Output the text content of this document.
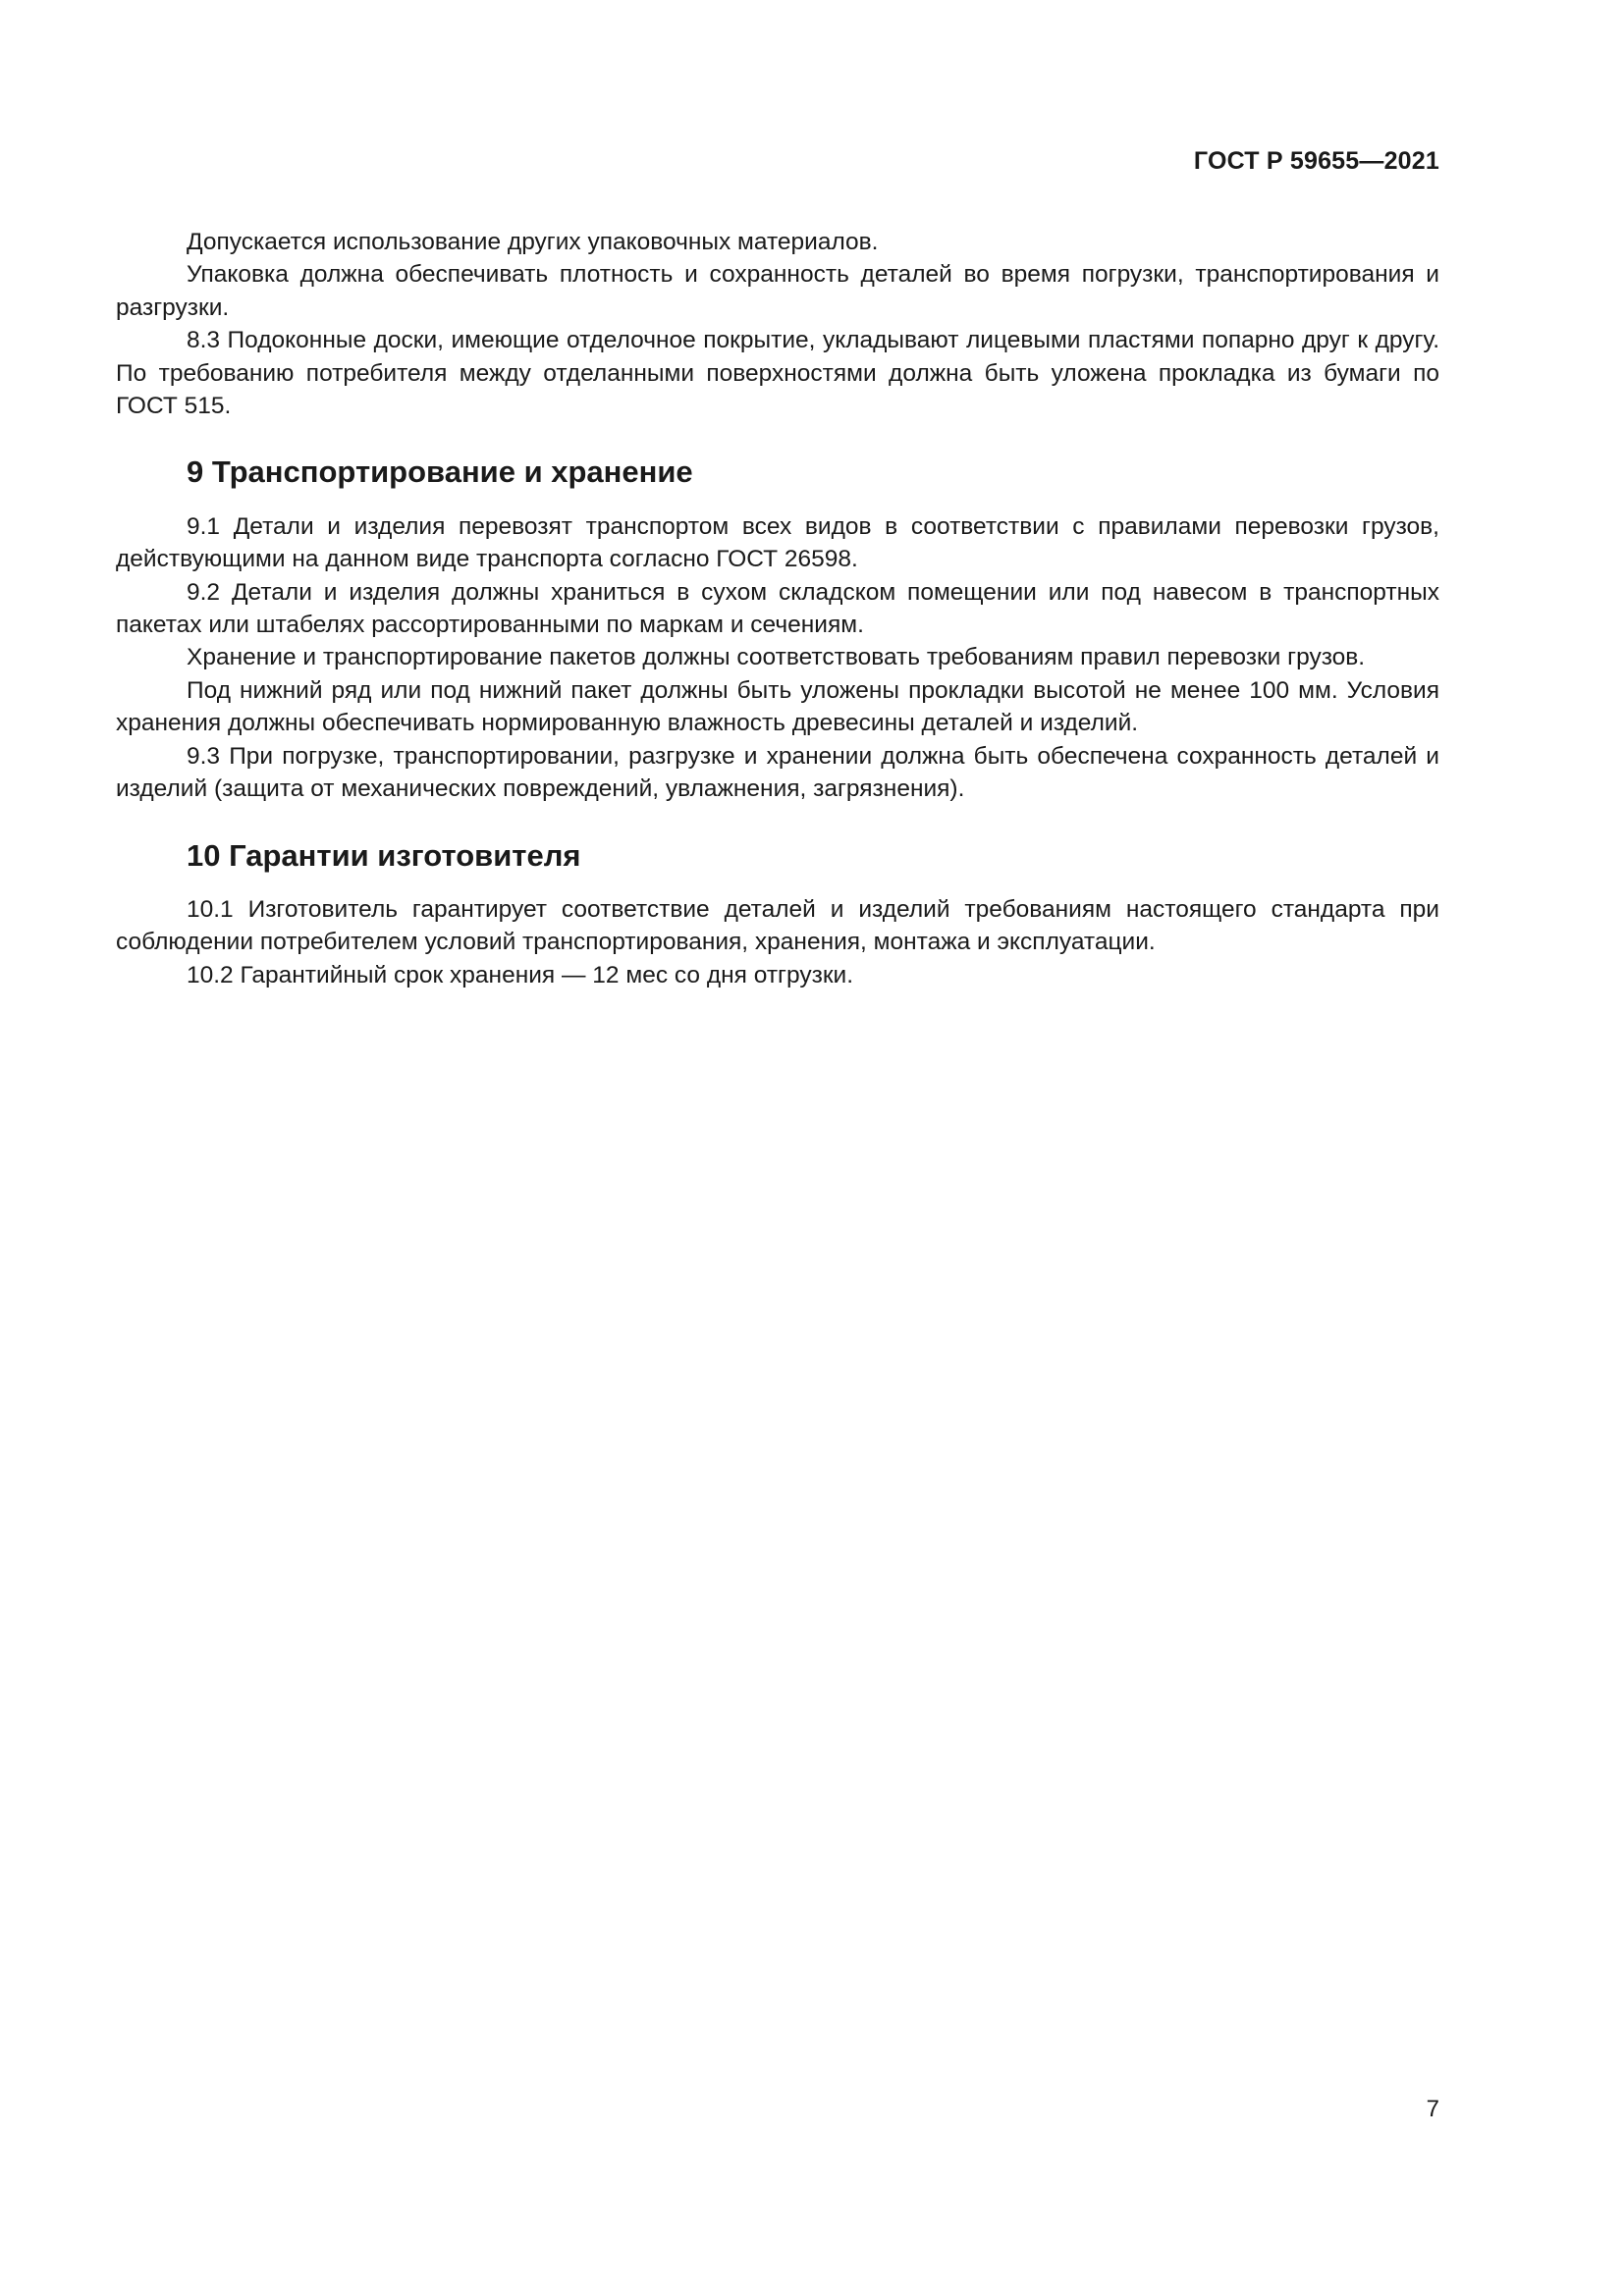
ГОСТ Р 59655—2021

Допускается использование других упаковочных материалов.

Упаковка должна обеспечивать плотность и сохранность деталей во время погрузки, транспортирования и разгрузки.

8.3 Подоконные доски, имеющие отделочное покрытие, укладывают лицевыми пластями попарно друг к другу. По требованию потребителя между отделанными поверхностями должна быть уложена прокладка из бумаги по ГОСТ 515.

9 Транспортирование и хранение

9.1 Детали и изделия перевозят транспортом всех видов в соответствии с правилами перевозки грузов, действующими на данном виде транспорта согласно ГОСТ 26598.

9.2 Детали и изделия должны храниться в сухом складском помещении или под навесом в транспортных пакетах или штабелях рассортированными по маркам и сечениям.

Хранение и транспортирование пакетов должны соответствовать требованиям правил перевозки грузов.

Под нижний ряд или под нижний пакет должны быть уложены прокладки высотой не менее 100 мм. Условия хранения должны обеспечивать нормированную влажность древесины деталей и изделий.

9.3 При погрузке, транспортировании, разгрузке и хранении должна быть обеспечена сохранность деталей и изделий (защита от механических повреждений, увлажнения, загрязнения).

10 Гарантии изготовителя

10.1 Изготовитель гарантирует соответствие деталей и изделий требованиям настоящего стандарта при соблюдении потребителем условий транспортирования, хранения, монтажа и эксплуатации.

10.2 Гарантийный срок хранения — 12 мес со дня отгрузки.

7
